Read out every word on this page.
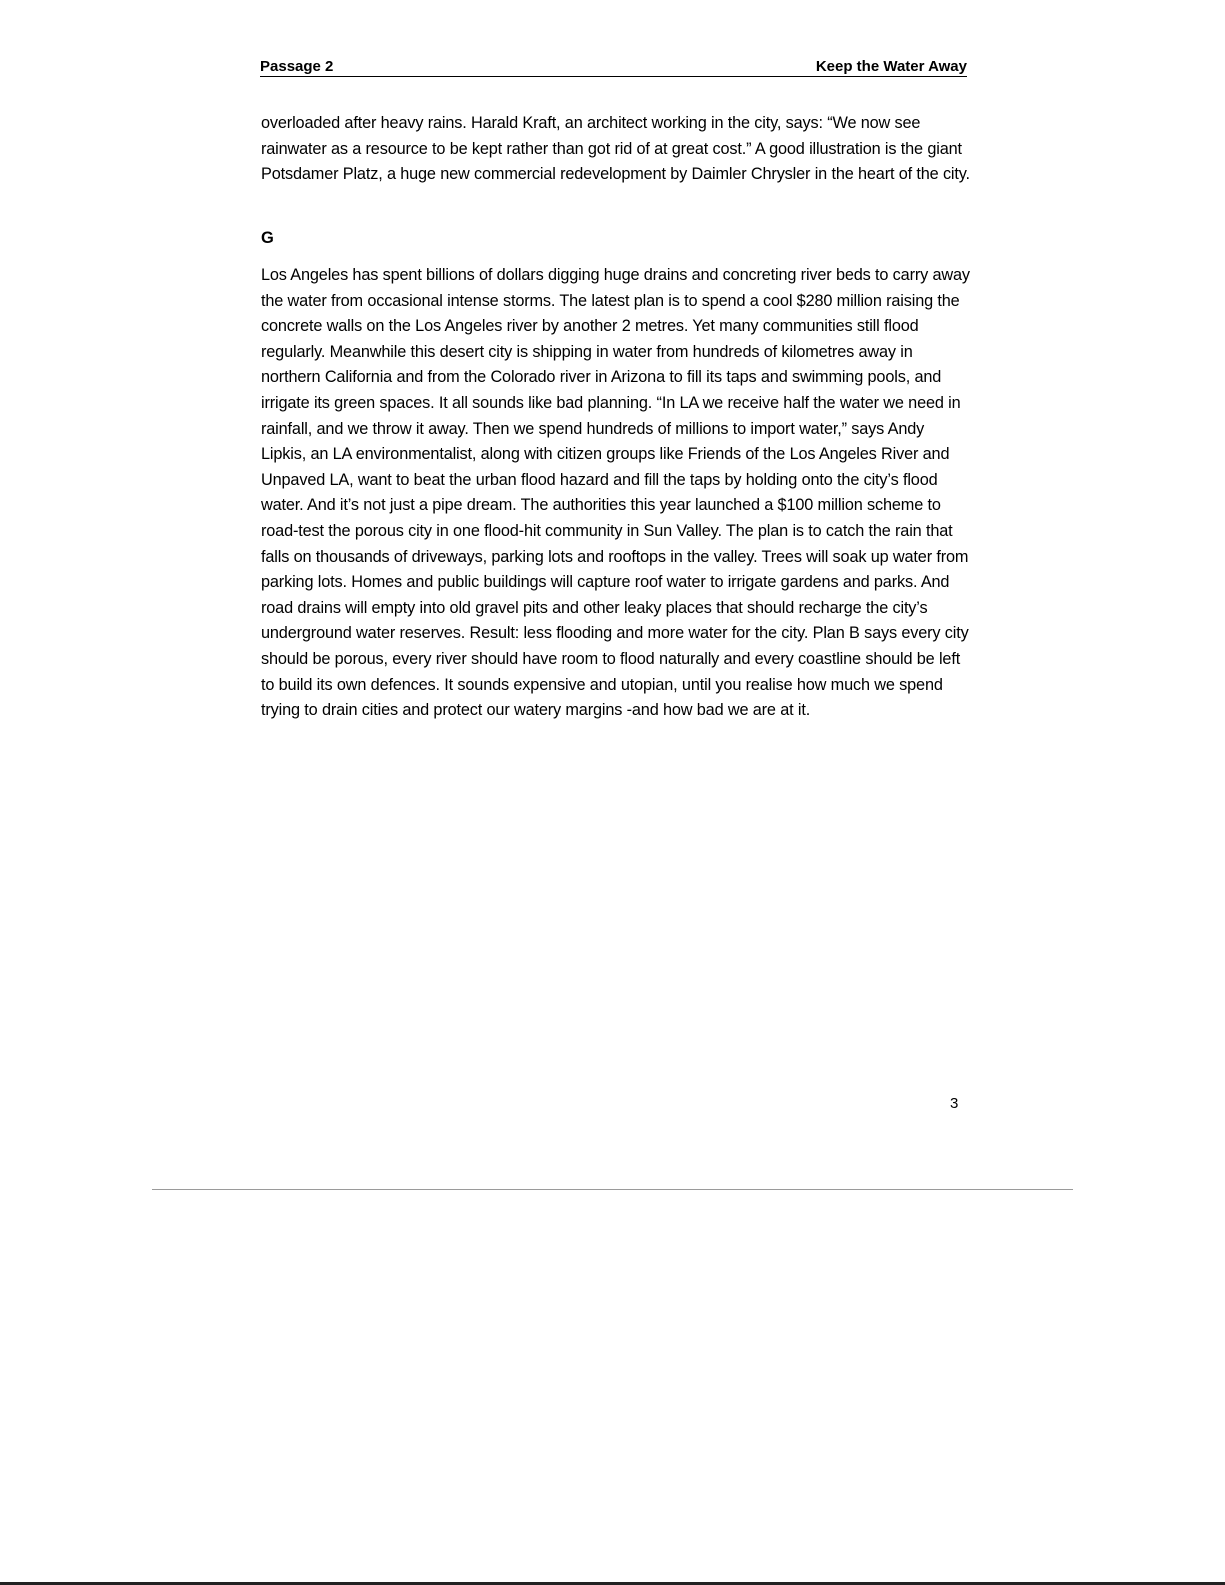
Passage 2	Keep the Water Away

overloaded after heavy rains. Harald Kraft, an architect working in the city, says: “We now see rainwater as a resource to be kept rather than got rid of at great cost.” A good illustration is the giant Potsdamer Platz, a huge new commercial redevelopment by Daimler Chrysler in the heart of the city.

G

Los Angeles has spent billions of dollars digging huge drains and concreting river beds to carry away the water from occasional intense storms. The latest plan is to spend a cool $280 million raising the concrete walls on the Los Angeles river by another 2 metres. Yet many communities still flood regularly. Meanwhile this desert city is shipping in water from hundreds of kilometres away in northern California and from the Colorado river in Arizona to fill its taps and swimming pools, and irrigate its green spaces. It all sounds like bad planning. “In LA we receive half the water we need in rainfall, and we throw it away. Then we spend hundreds of millions to import water,” says Andy Lipkis, an LA environmentalist, along with citizen groups like Friends of the Los Angeles River and Unpaved LA, want to beat the urban flood hazard and fill the taps by holding onto the city’s flood water. And it’s not just a pipe dream. The authorities this year launched a $100 million scheme to road-test the porous city in one flood-hit community in Sun Valley. The plan is to catch the rain that falls on thousands of driveways, parking lots and rooftops in the valley. Trees will soak up water from parking lots. Homes and public buildings will capture roof water to irrigate gardens and parks. And road drains will empty into old gravel pits and other leaky places that should recharge the city’s underground water reserves. Result: less flooding and more water for the city. Plan B says every city should be porous, every river should have room to flood naturally and every coastline should be left to build its own defences. It sounds expensive and utopian, until you realise how much we spend trying to drain cities and protect our watery margins -and how bad we are at it.

3
